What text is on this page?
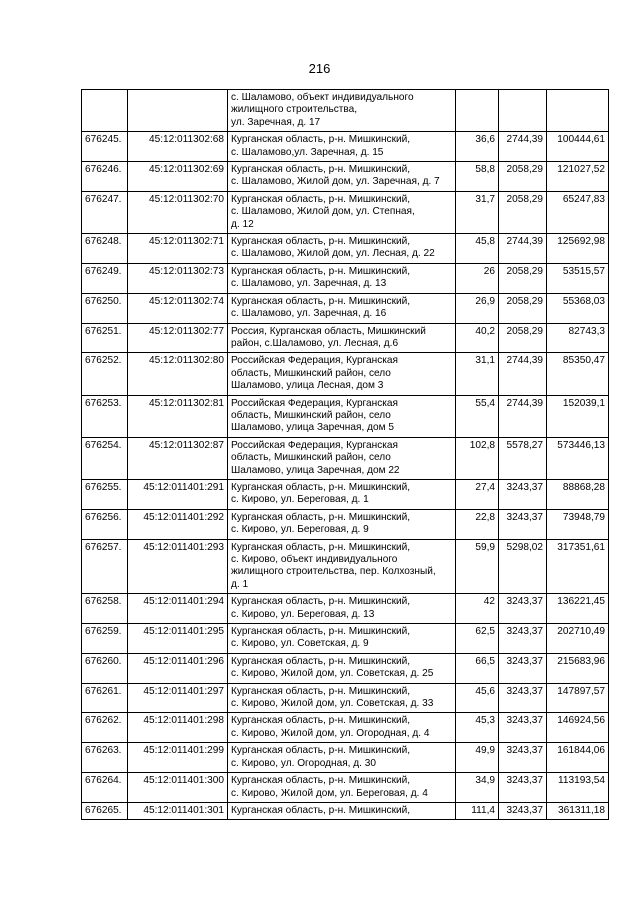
216
		с. Шаламово, объект индивидуального
жилищного строительства,
ул. Заречная, д. 17			
676245.	45:12:011302:68	Курганская область, р-н. Мишкинский,
с. Шаламово,ул. Заречная, д. 15	36,6	2744,39	100444,61
676246.	45:12:011302:69	Курганская область, р-н. Мишкинский,
с. Шаламово, Жилой дом, ул. Заречная, д. 7	58,8	2058,29	121027,52
676247.	45:12:011302:70	Курганская область, р-н. Мишкинский,
с. Шаламово, Жилой дом, ул. Степная,
д. 12	31,7	2058,29	65247,83
676248.	45:12:011302:71	Курганская область, р-н. Мишкинский,
с. Шаламово, Жилой дом, ул. Лесная, д. 22	45,8	2744,39	125692,98
676249.	45:12:011302:73	Курганская область, р-н. Мишкинский,
с. Шаламово, ул. Заречная, д. 13	26	2058,29	53515,57
676250.	45:12:011302:74	Курганская область, р-н. Мишкинский,
с. Шаламово, ул. Заречная, д. 16	26,9	2058,29	55368,03
676251.	45:12:011302:77	Россия, Курганская область, Мишкинский
район, с.Шаламово, ул. Лесная, д.6	40,2	2058,29	82743,3
676252.	45:12:011302:80	Российская Федерация, Курганская
область, Мишкинский район, село
Шаламово, улица Лесная, дом 3	31,1	2744,39	85350,47
676253.	45:12:011302:81	Российская Федерация, Курганская
область, Мишкинский район, село
Шаламово, улица Заречная, дом 5	55,4	2744,39	152039,1
676254.	45:12:011302:87	Российская Федерация, Курганская
область, Мишкинский район, село
Шаламово, улица Заречная, дом 22	102,8	5578,27	573446,13
676255.	45:12:011401:291	Курганская область, р-н. Мишкинский,
с. Кирово, ул. Береговая, д. 1	27,4	3243,37	88868,28
676256.	45:12:011401:292	Курганская область, р-н. Мишкинский,
с. Кирово, ул. Береговая, д. 9	22,8	3243,37	73948,79
676257.	45:12:011401:293	Курганская область, р-н. Мишкинский,
с. Кирово, объект индивидуального
жилищного строительства, пер. Колхозный,
д. 1	59,9	5298,02	317351,61
676258.	45:12:011401:294	Курганская область, р-н. Мишкинский,
с. Кирово, ул. Береговая, д. 13	42	3243,37	136221,45
676259.	45:12:011401:295	Курганская область, р-н. Мишкинский,
с. Кирово, ул. Советская, д. 9	62,5	3243,37	202710,49
676260.	45:12:011401:296	Курганская область, р-н. Мишкинский,
с. Кирово, Жилой дом, ул. Советская, д. 25	66,5	3243,37	215683,96
676261.	45:12:011401:297	Курганская область, р-н. Мишкинский,
с. Кирово, Жилой дом, ул. Советская, д. 33	45,6	3243,37	147897,57
676262.	45:12:011401:298	Курганская область, р-н. Мишкинский,
с. Кирово, Жилой дом, ул. Огородная, д. 4	45,3	3243,37	146924,56
676263.	45:12:011401:299	Курганская область, р-н. Мишкинский,
с. Кирово, ул. Огородная, д. 30	49,9	3243,37	161844,06
676264.	45:12:011401:300	Курганская область, р-н. Мишкинский,
с. Кирово, Жилой дом, ул. Береговая, д. 4	34,9	3243,37	113193,54
676265.	45:12:011401:301	Курганская область, р-н. Мишкинский,	111,4	3243,37	361311,18
